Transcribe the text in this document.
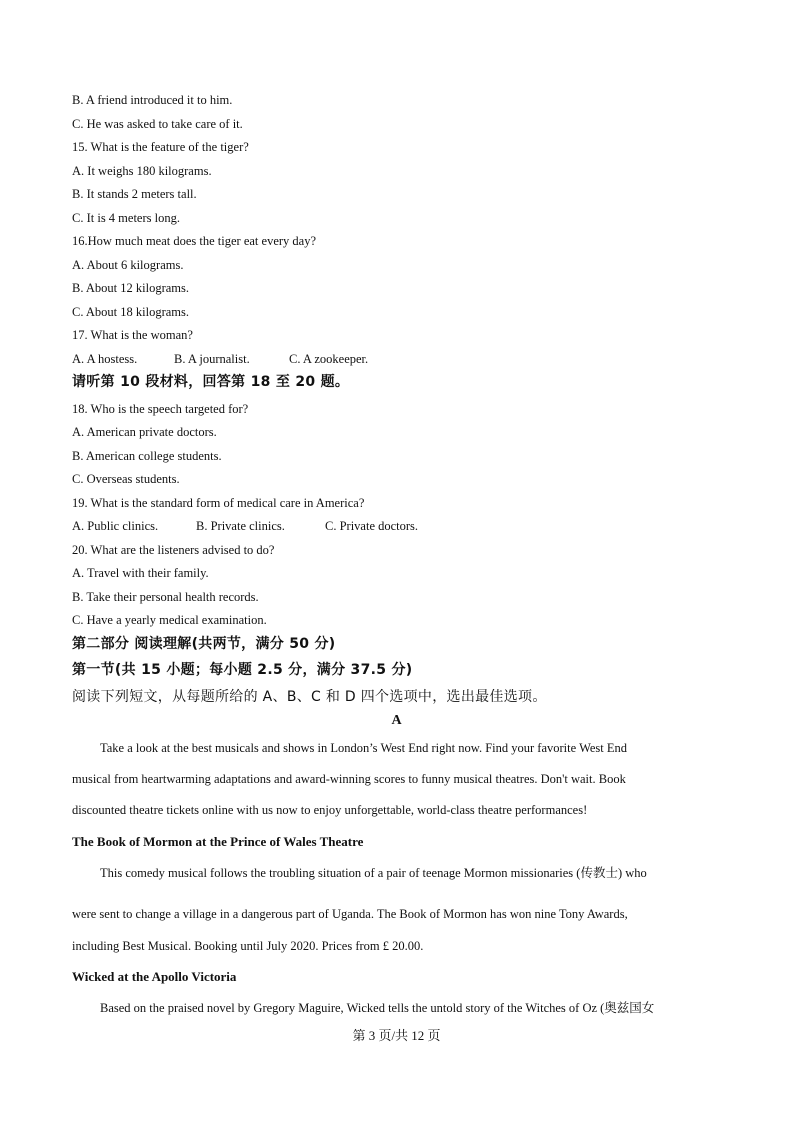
B. A friend introduced it to him.
C. He was asked to take care of it.
15. What is the feature of the tiger?
A. It weighs 180 kilograms.
B. It stands 2 meters tall.
C. It is 4 meters long.
16.How much meat does the tiger eat every day?
A. About 6 kilograms.
B. About 12 kilograms.
C. About 18 kilograms.
17. What is the woman?
A. A hostess.	B. A journalist.	C. A zookeeper.
请听第 10 段材料，回答第 18 至 20 题。
18. Who is the speech targeted for?
A. American private doctors.
B. American college students.
C. Overseas students.
19. What is the standard form of medical care in America?
A. Public clinics.	B. Private clinics.	C. Private doctors.
20. What are the listeners advised to do?
A. Travel with their family.
B. Take their personal health records.
C. Have a yearly medical examination.
第二部分 阅读理解(共两节，满分 50 分)
第一节(共 15 小题；每小题 2.5 分，满分 37.5 分)
阅读下列短文，从每题所给的 A、B、C 和 D 四个选项中，选出最佳选项。
A
Take a look at the best musicals and shows in London’s West End right now. Find your favorite West End
musical from heartwarming adaptations and award-winning scores to funny musical theatres. Don't wait. Book
discounted theatre tickets online with us now to enjoy unforgettable, world-class theatre performances!
The Book of Mormon at the Prince of Wales Theatre
This comedy musical follows the troubling situation of a pair of teenage Mormon missionaries (传教士) who
were sent to change a village in a dangerous part of Uganda. The Book of Mormon has won nine Tony Awards,
including Best Musical. Booking until July 2020. Prices from £ 20.00.
Wicked at the Apollo Victoria
Based on the praised novel by Gregory Maguire, Wicked tells the untold story of the Witches of Oz (奥兹国女
第 3 页/共 12 页
